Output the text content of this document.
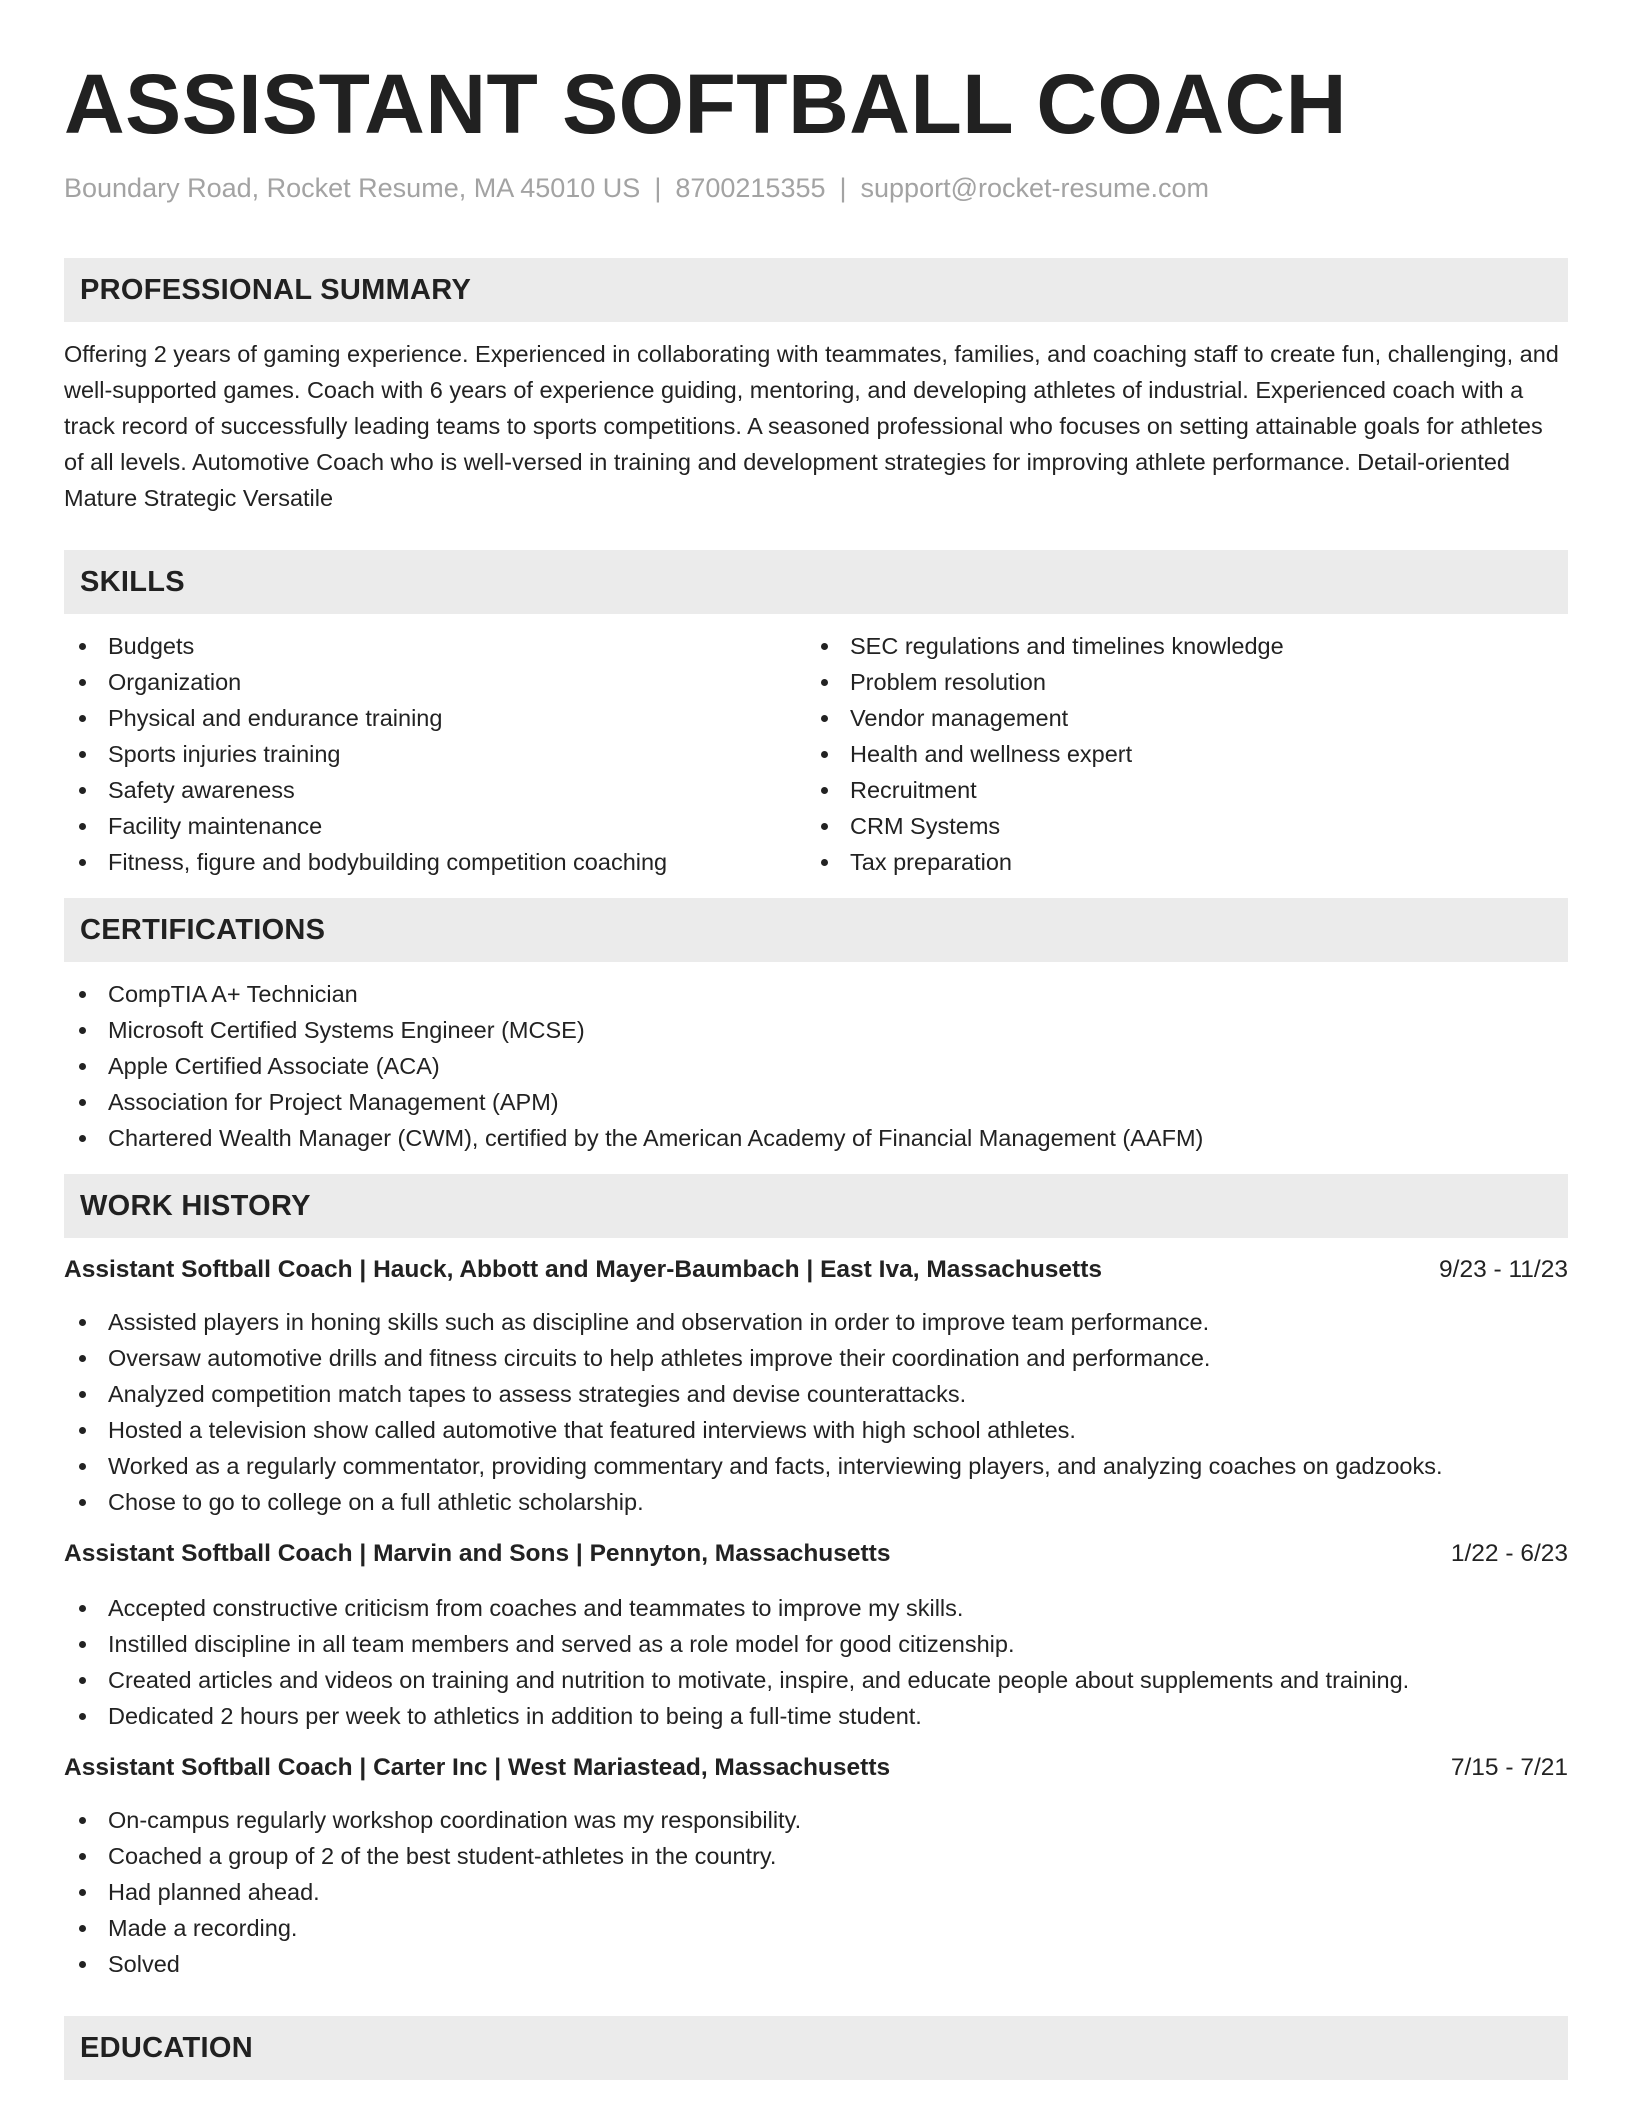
ASSISTANT SOFTBALL COACH
Boundary Road, Rocket Resume, MA 45010 US | 8700215355 | support@rocket-resume.com
PROFESSIONAL SUMMARY

Offering 2 years of gaming experience. Experienced in collaborating with teammates, families, and coaching staff to create fun, challenging, and well-supported games. Coach with 6 years of experience guiding, mentoring, and developing athletes of industrial. Experienced coach with a track record of successfully leading teams to sports competitions. A seasoned professional who focuses on setting attainable goals for athletes of all levels. Automotive Coach who is well-versed in training and development strategies for improving athlete performance. Detail-oriented Mature Strategic Versatile

SKILLS
Budgets
Organization
Physical and endurance training
Sports injuries training
Safety awareness
Facility maintenance
Fitness, figure and bodybuilding competition coaching
SEC regulations and timelines knowledge
Problem resolution
Vendor management
Health and wellness expert
Recruitment
CRM Systems
Tax preparation
CERTIFICATIONS
CompTIA A+ Technician
Microsoft Certified Systems Engineer (MCSE)
Apple Certified Associate (ACA)
Association for Project Management (APM)
Chartered Wealth Manager (CWM), certified by the American Academy of Financial Management (AAFM)
WORK HISTORY
Assistant Softball Coach | Hauck, Abbott and Mayer-Baumbach | East Iva, Massachusetts	9/23 - 11/23
Assisted players in honing skills such as discipline and observation in order to improve team performance.
Oversaw automotive drills and fitness circuits to help athletes improve their coordination and performance.
Analyzed competition match tapes to assess strategies and devise counterattacks.
Hosted a television show called automotive that featured interviews with high school athletes.
Worked as a regularly commentator, providing commentary and facts, interviewing players, and analyzing coaches on gadzooks.
Chose to go to college on a full athletic scholarship.
Assistant Softball Coach | Marvin and Sons | Pennyton, Massachusetts	1/22 - 6/23
Accepted constructive criticism from coaches and teammates to improve my skills.
Instilled discipline in all team members and served as a role model for good citizenship.
Created articles and videos on training and nutrition to motivate, inspire, and educate people about supplements and training.
Dedicated 2 hours per week to athletics in addition to being a full-time student.
Assistant Softball Coach | Carter Inc | West Mariastead, Massachusetts	7/15 - 7/21
On-campus regularly workshop coordination was my responsibility.
Coached a group of 2 of the best student-athletes in the country.
Had planned ahead.
Made a recording.
Solved
EDUCATION
